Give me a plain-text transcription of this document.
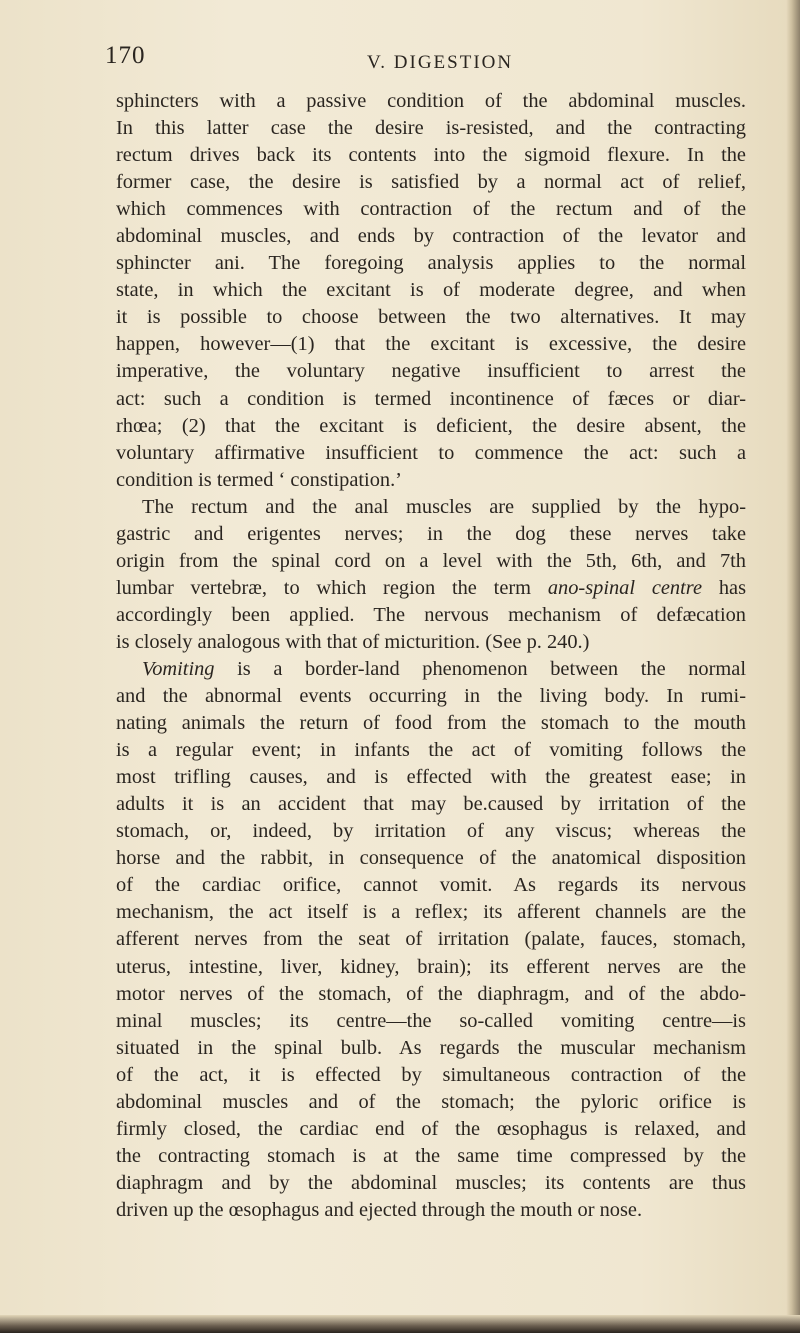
170	V. DIGESTION
sphincters with a passive condition of the abdominal muscles.
In this latter case the desire is-resisted, and the contracting
rectum drives back its contents into the sigmoid flexure. In the
former case, the desire is satisfied by a normal act of relief,
which commences with contraction of the rectum and of the
abdominal muscles, and ends by contraction of the levator and
sphincter ani. The foregoing analysis applies to the normal
state, in which the excitant is of moderate degree, and when
it is possible to choose between the two alternatives. It may
happen, however—(1) that the excitant is excessive, the desire
imperative, the voluntary negative insufficient to arrest the
act: such a condition is termed incontinence of fæces or diar-
rhœa; (2) that the excitant is deficient, the desire absent, the
voluntary affirmative insufficient to commence the act: such a
condition is termed ‘ constipation.’
The rectum and the anal muscles are supplied by the hypo-
gastric and erigentes nerves; in the dog these nerves take
origin from the spinal cord on a level with the 5th, 6th, and 7th
lumbar vertebræ, to which region the term ano-spinal centre has
accordingly been applied. The nervous mechanism of defæcation
is closely analogous with that of micturition. (See p. 240.)
Vomiting is a border-land phenomenon between the normal
and the abnormal events occurring in the living body. In rumi-
nating animals the return of food from the stomach to the mouth
is a regular event; in infants the act of vomiting follows the
most trifling causes, and is effected with the greatest ease; in
adults it is an accident that may be.caused by irritation of the
stomach, or, indeed, by irritation of any viscus; whereas the
horse and the rabbit, in consequence of the anatomical disposition
of the cardiac orifice, cannot vomit. As regards its nervous
mechanism, the act itself is a reflex; its afferent channels are the
afferent nerves from the seat of irritation (palate, fauces, stomach,
uterus, intestine, liver, kidney, brain); its efferent nerves are the
motor nerves of the stomach, of the diaphragm, and of the abdo-
minal muscles; its centre—the so-called vomiting centre—is
situated in the spinal bulb. As regards the muscular mechanism
of the act, it is effected by simultaneous contraction of the
abdominal muscles and of the stomach; the pyloric orifice is
firmly closed, the cardiac end of the œsophagus is relaxed, and
the contracting stomach is at the same time compressed by the
diaphragm and by the abdominal muscles; its contents are thus
driven up the œsophagus and ejected through the mouth or nose.
